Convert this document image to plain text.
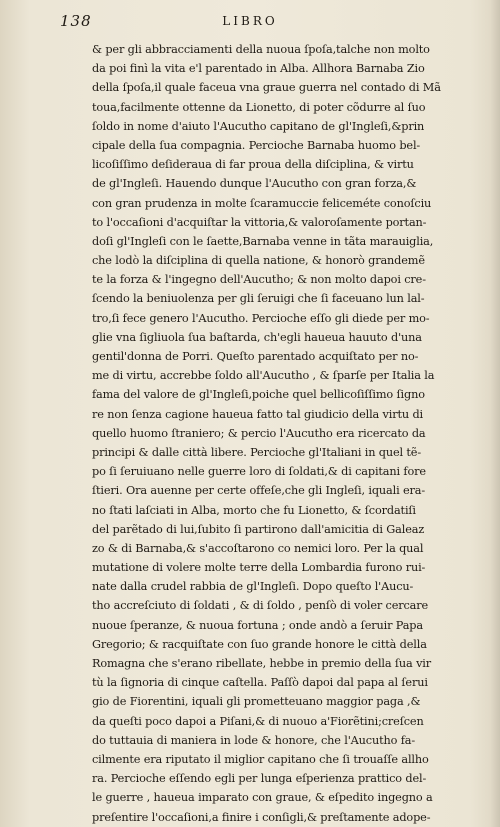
138	LIBRO
& per gli abbracciamenti della nuoua ſpoſa,talche non molto
da poi finì la vita e'l parentado in Alba. Allhora Barnaba Zio
della ſpoſa,il quale faceua vna graue guerra nel contado di Mã
toua,facilmente ottenne da Lionetto, di poter cõdurre al ſuo
ſoldo in nome d'aiuto l'Aucutho capitano de gl'Ingleſi,&prin
cipale della ſua compagnia. Percioche Barnaba huomo bel-
licoſiſſimo deſideraua di far proua della diſciplina, & virtu
de gl'Ingleſi. Hauendo dunque l'Aucutho con gran forza,&
con gran prudenza in molte ſcaramuccie feliceméte conoſciu
to l'occaſioni d'acquiſtar la vittoria,& valoroſamente portan-
doſi gl'Ingleſi con le ſaette,Barnaba venne in tãta marauiglia,
che lodò la diſciplina di quella natione, & honorò grandemẽ
te la forza & l'ingegno dell'Aucutho; & non molto dapoi cre-
ſcendo la beniuolenza per gli ſeruigi che ſi faceuano lun lal-
tro,ſi fece genero l'Aucutho. Percioche eſſo gli diede per mo-
glie vna ſigliuola ſua baſtarda, ch'egli haueua hauuto d'una
gentil'donna de Porri. Queſto parentado acquiſtato per no-
me di virtu, accrebbe ſoldo all'Aucutho , & ſparſe per Italia la
fama del valore de gl'Ingleſi,poiche quel bellicoſiſſimo ſigno
re non ſenza cagione haueua fatto tal giudicio della virtu di
quello huomo ſtraniero; & percio l'Aucutho era ricercato da
principi & dalle città libere. Percioche gl'Italiani in quel tẽ-
po ſi ſeruiuano nelle guerre loro di ſoldati,& di capitani fore
ſtieri. Ora auenne per certe offeſe,che gli Ingleſi, iquali era-
no ſtati laſciati in Alba, morto che fu Lionetto, & ſcordatiſi
del parẽtado di lui,ſubito ſi partirono dall'amicitia di Galeaz
zo & di Barnaba,& s'accoſtarono co nemici loro. Per la qual
mutatione di volere molte terre della Lombardia furono rui-
nate dalla crudel rabbia de gl'Ingleſi. Dopo queſto l'Aucu-
tho accreſciuto di ſoldati , & di ſoldo , penſò di voler cercare
nuoue ſperanze, & nuoua fortuna ; onde andò a ſeruir Papa
Gregorio; & racquiſtate con ſuo grande honore le città della
Romagna che s'erano ribellate, hebbe in premio della ſua vir
tù la ſignoria di cinque caſtella. Paſſò dapoi dal papa al ſerui
gio de Fiorentini, iquali gli prometteuano maggior paga ,&
da queſti poco dapoi a Piſani,& di nuouo a'Fiorẽtini;creſcen
do tuttauia di maniera in lode & honore, che l'Aucutho fa-
cilmente era riputato il miglior capitano che ſi trouaſſe allho
ra. Percioche eſſendo egli per lunga eſperienza prattico del-
le guerre , haueua imparato con graue, & eſpedito ingegno a
preſentire l'occaſioni,a finire i conſigli,& preſtamente adope-
